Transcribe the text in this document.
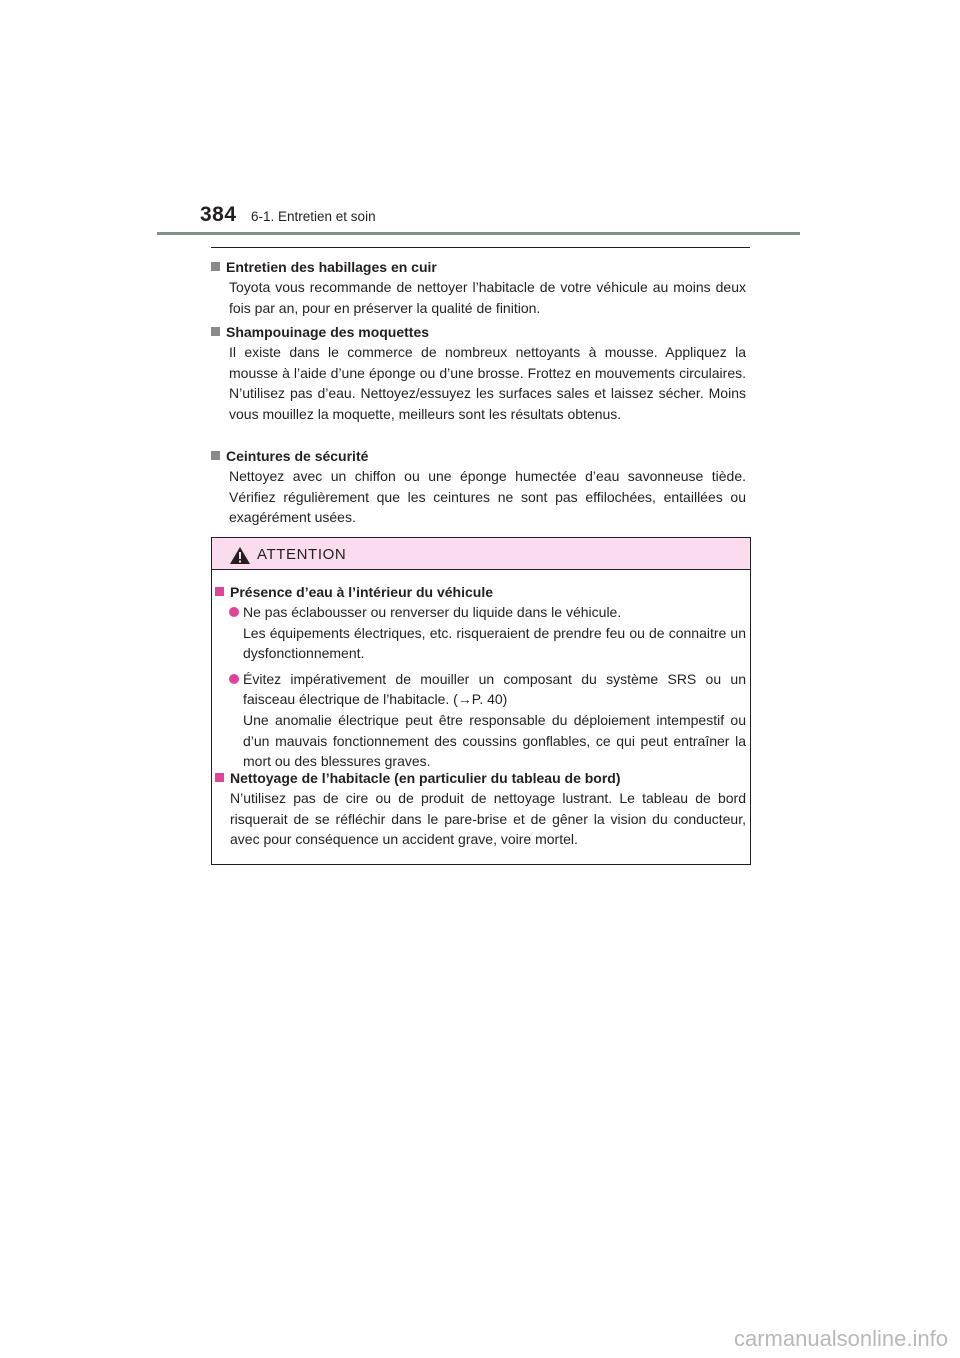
384 6-1. Entretien et soin
Entretien des habillages en cuir
Toyota vous recommande de nettoyer l’habitacle de votre véhicule au moins deux fois par an, pour en préserver la qualité de finition.
Shampouinage des moquettes
Il existe dans le commerce de nombreux nettoyants à mousse. Appliquez la mousse à l’aide d’une éponge ou d’une brosse. Frottez en mouvements circulaires. N’utilisez pas d’eau. Nettoyez/essuyez les surfaces sales et laissez sécher. Moins vous mouillez la moquette, meilleurs sont les résultats obtenus.
Ceintures de sécurité
Nettoyez avec un chiffon ou une éponge humectée d’eau savonneuse tiède. Vérifiez régulièrement que les ceintures ne sont pas effilochées, entaillées ou exagérément usées.
ATTENTION
Présence d’eau à l’intérieur du véhicule
Ne pas éclabousser ou renverser du liquide dans le véhicule.
Les équipements électriques, etc. risqueraient de prendre feu ou de connaitre un dysfonctionnement.
Évitez impérativement de mouiller un composant du système SRS ou un faisceau électrique de l’habitacle. (→P. 40)
Une anomalie électrique peut être responsable du déploiement intempestif ou d’un mauvais fonctionnement des coussins gonflables, ce qui peut entraîner la mort ou des blessures graves.
Nettoyage de l’habitacle (en particulier du tableau de bord)
N’utilisez pas de cire ou de produit de nettoyage lustrant. Le tableau de bord risquerait de se réfléchir dans le pare-brise et de gêner la vision du conducteur, avec pour conséquence un accident grave, voire mortel.
carmanualsonline.info
